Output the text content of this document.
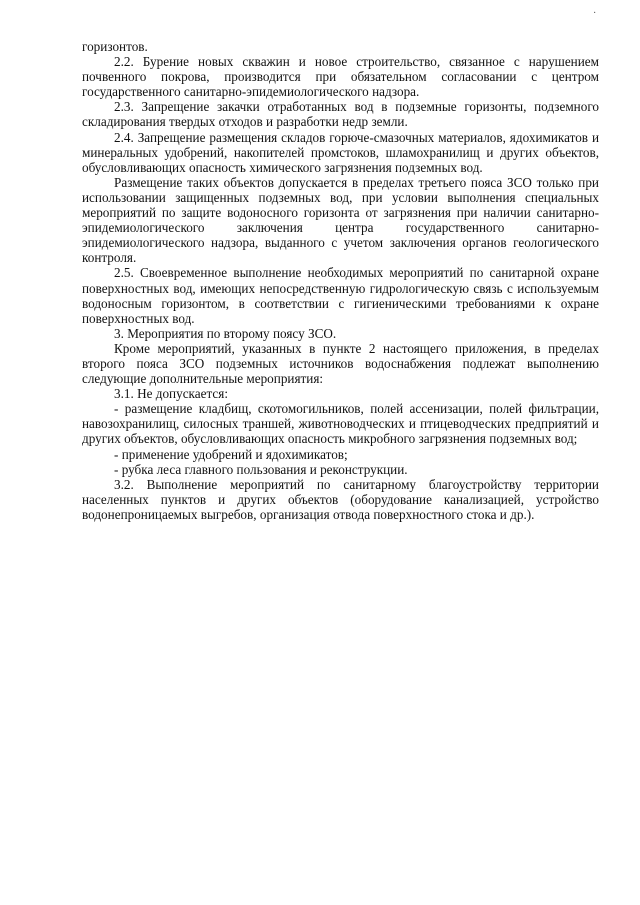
·

горизонтов.

2.2. Бурение новых скважин и новое строительство, связанное с нарушением почвенного покрова, производится при обязательном согласовании с центром государственного санитарно-эпидемиологического надзора.

2.3. Запрещение закачки отработанных вод в подземные горизонты, подземного складирования твердых отходов и разработки недр земли.

2.4. Запрещение размещения складов горюче-смазочных материалов, ядохимикатов и минеральных удобрений, накопителей промстоков, шламохранилищ и других объектов, обусловливающих опасность химического загрязнения подземных вод.

Размещение таких объектов допускается в пределах третьего пояса ЗСО только при использовании защищенных подземных вод, при условии выполнения специальных мероприятий по защите водоносного горизонта от загрязнения при наличии санитарно-эпидемиологического заключения центра государственного санитарно-эпидемиологического надзора, выданного с учетом заключения органов геологического контроля.

2.5. Своевременное выполнение необходимых мероприятий по санитарной охране поверхностных вод, имеющих непосредственную гидрологическую связь с используемым водоносным горизонтом, в соответствии с гигиеническими требованиями к охране поверхностных вод.

3. Мероприятия по второму поясу ЗСО.

Кроме мероприятий, указанных в пункте 2 настоящего приложения, в пределах второго пояса ЗСО подземных источников водоснабжения подлежат выполнению следующие дополнительные мероприятия:

3.1. Не допускается:

- размещение кладбищ, скотомогильников, полей ассенизации, полей фильтрации, навозохранилищ, силосных траншей, животноводческих и птицеводческих предприятий и других объектов, обусловливающих опасность микробного загрязнения подземных вод;

- применение удобрений и ядохимикатов;

- рубка леса главного пользования и реконструкции.

3.2. Выполнение мероприятий по санитарному благоустройству территории населенных пунктов и других объектов (оборудование канализацией, устройство водонепроницаемых выгребов, организация отвода поверхностного стока и др.).
